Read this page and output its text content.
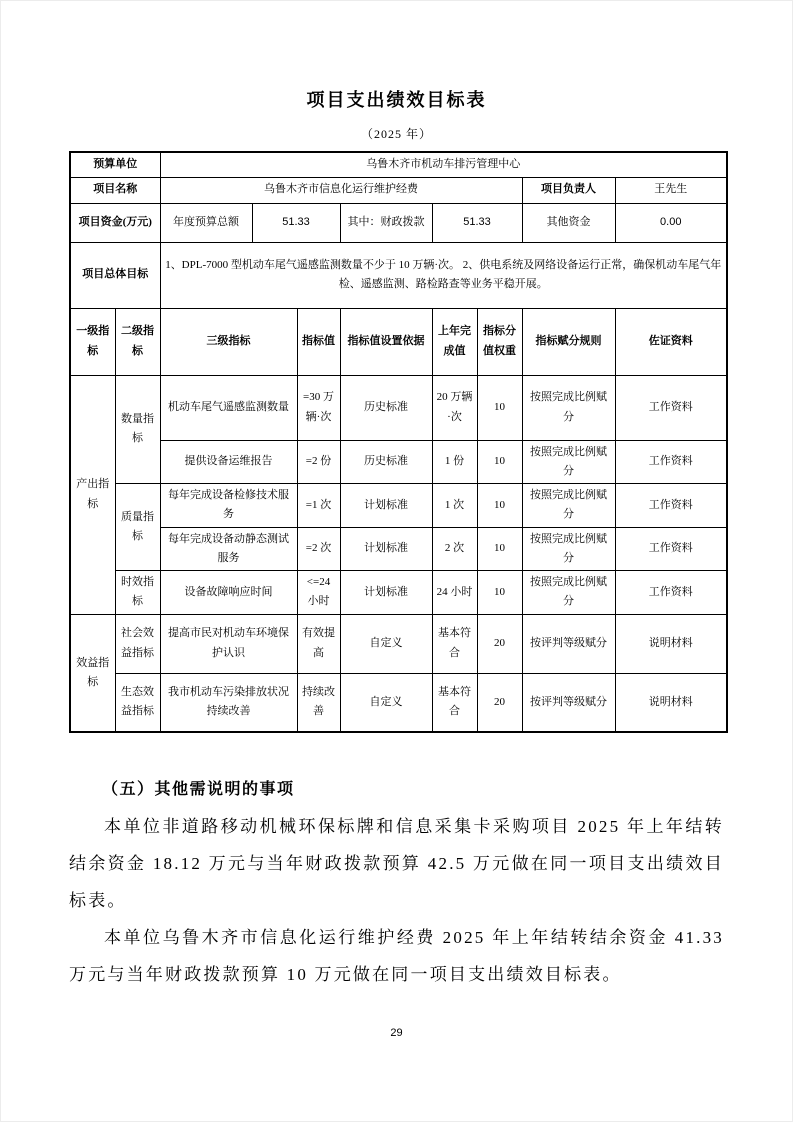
项目支出绩效目标表
（2025 年）
预算单位		乌鲁木齐市机动车排污管理中心							
项目名称		乌鲁木齐市信息化运行维护经费						项目负责人	王先生
项目资金(万元)		年度预算总额	51.33		其中：财政拨款	51.33		其他资金	0.00
项目总体目标		1、DPL-7000 型机动车尾气遥感监测数量不少于 10 万辆·次。 2、供电系统及网络设备运行正常，确保机动车尾气年检、遥感监测、路检路查等业务平稳开展。							
一级指标	二级指标	三级指标		指标值	指标值设置依据	上年完成值	指标分值权重	指标赋分规则	佐证资料
产出指标	数量指标	机动车尾气遥感监测数量		=30 万辆·次	历史标准	20 万辆·次	10	按照完成比例赋分	工作资料
		提供设备运维报告		=2 份	历史标准	1 份	10	按照完成比例赋分	工作资料
	质量指标	每年完成设备检修技术服务		=1 次	计划标准	1 次	10	按照完成比例赋分	工作资料
		每年完成设备动静态测试服务		=2 次	计划标准	2 次	10	按照完成比例赋分	工作资料
	时效指标	设备故障响应时间		<=24 小时	计划标准	24 小时	10	按照完成比例赋分	工作资料
效益指标	社会效益指标	提高市民对机动车环境保护认识		有效提高	自定义	基本符合	20	按评判等级赋分	说明材料
	生态效益指标	我市机动车污染排放状况持续改善		持续改善	自定义	基本符合	20	按评判等级赋分	说明材料
（五）其他需说明的事项

本单位非道路移动机械环保标牌和信息采集卡采购项目 2025 年上年结转结余资金 18.12 万元与当年财政拨款预算 42.5 万元做在同一项目支出绩效目标表。

本单位乌鲁木齐市信息化运行维护经费 2025 年上年结转结余资金 41.33 万元与当年财政拨款预算 10 万元做在同一项目支出绩效目标表。

29
